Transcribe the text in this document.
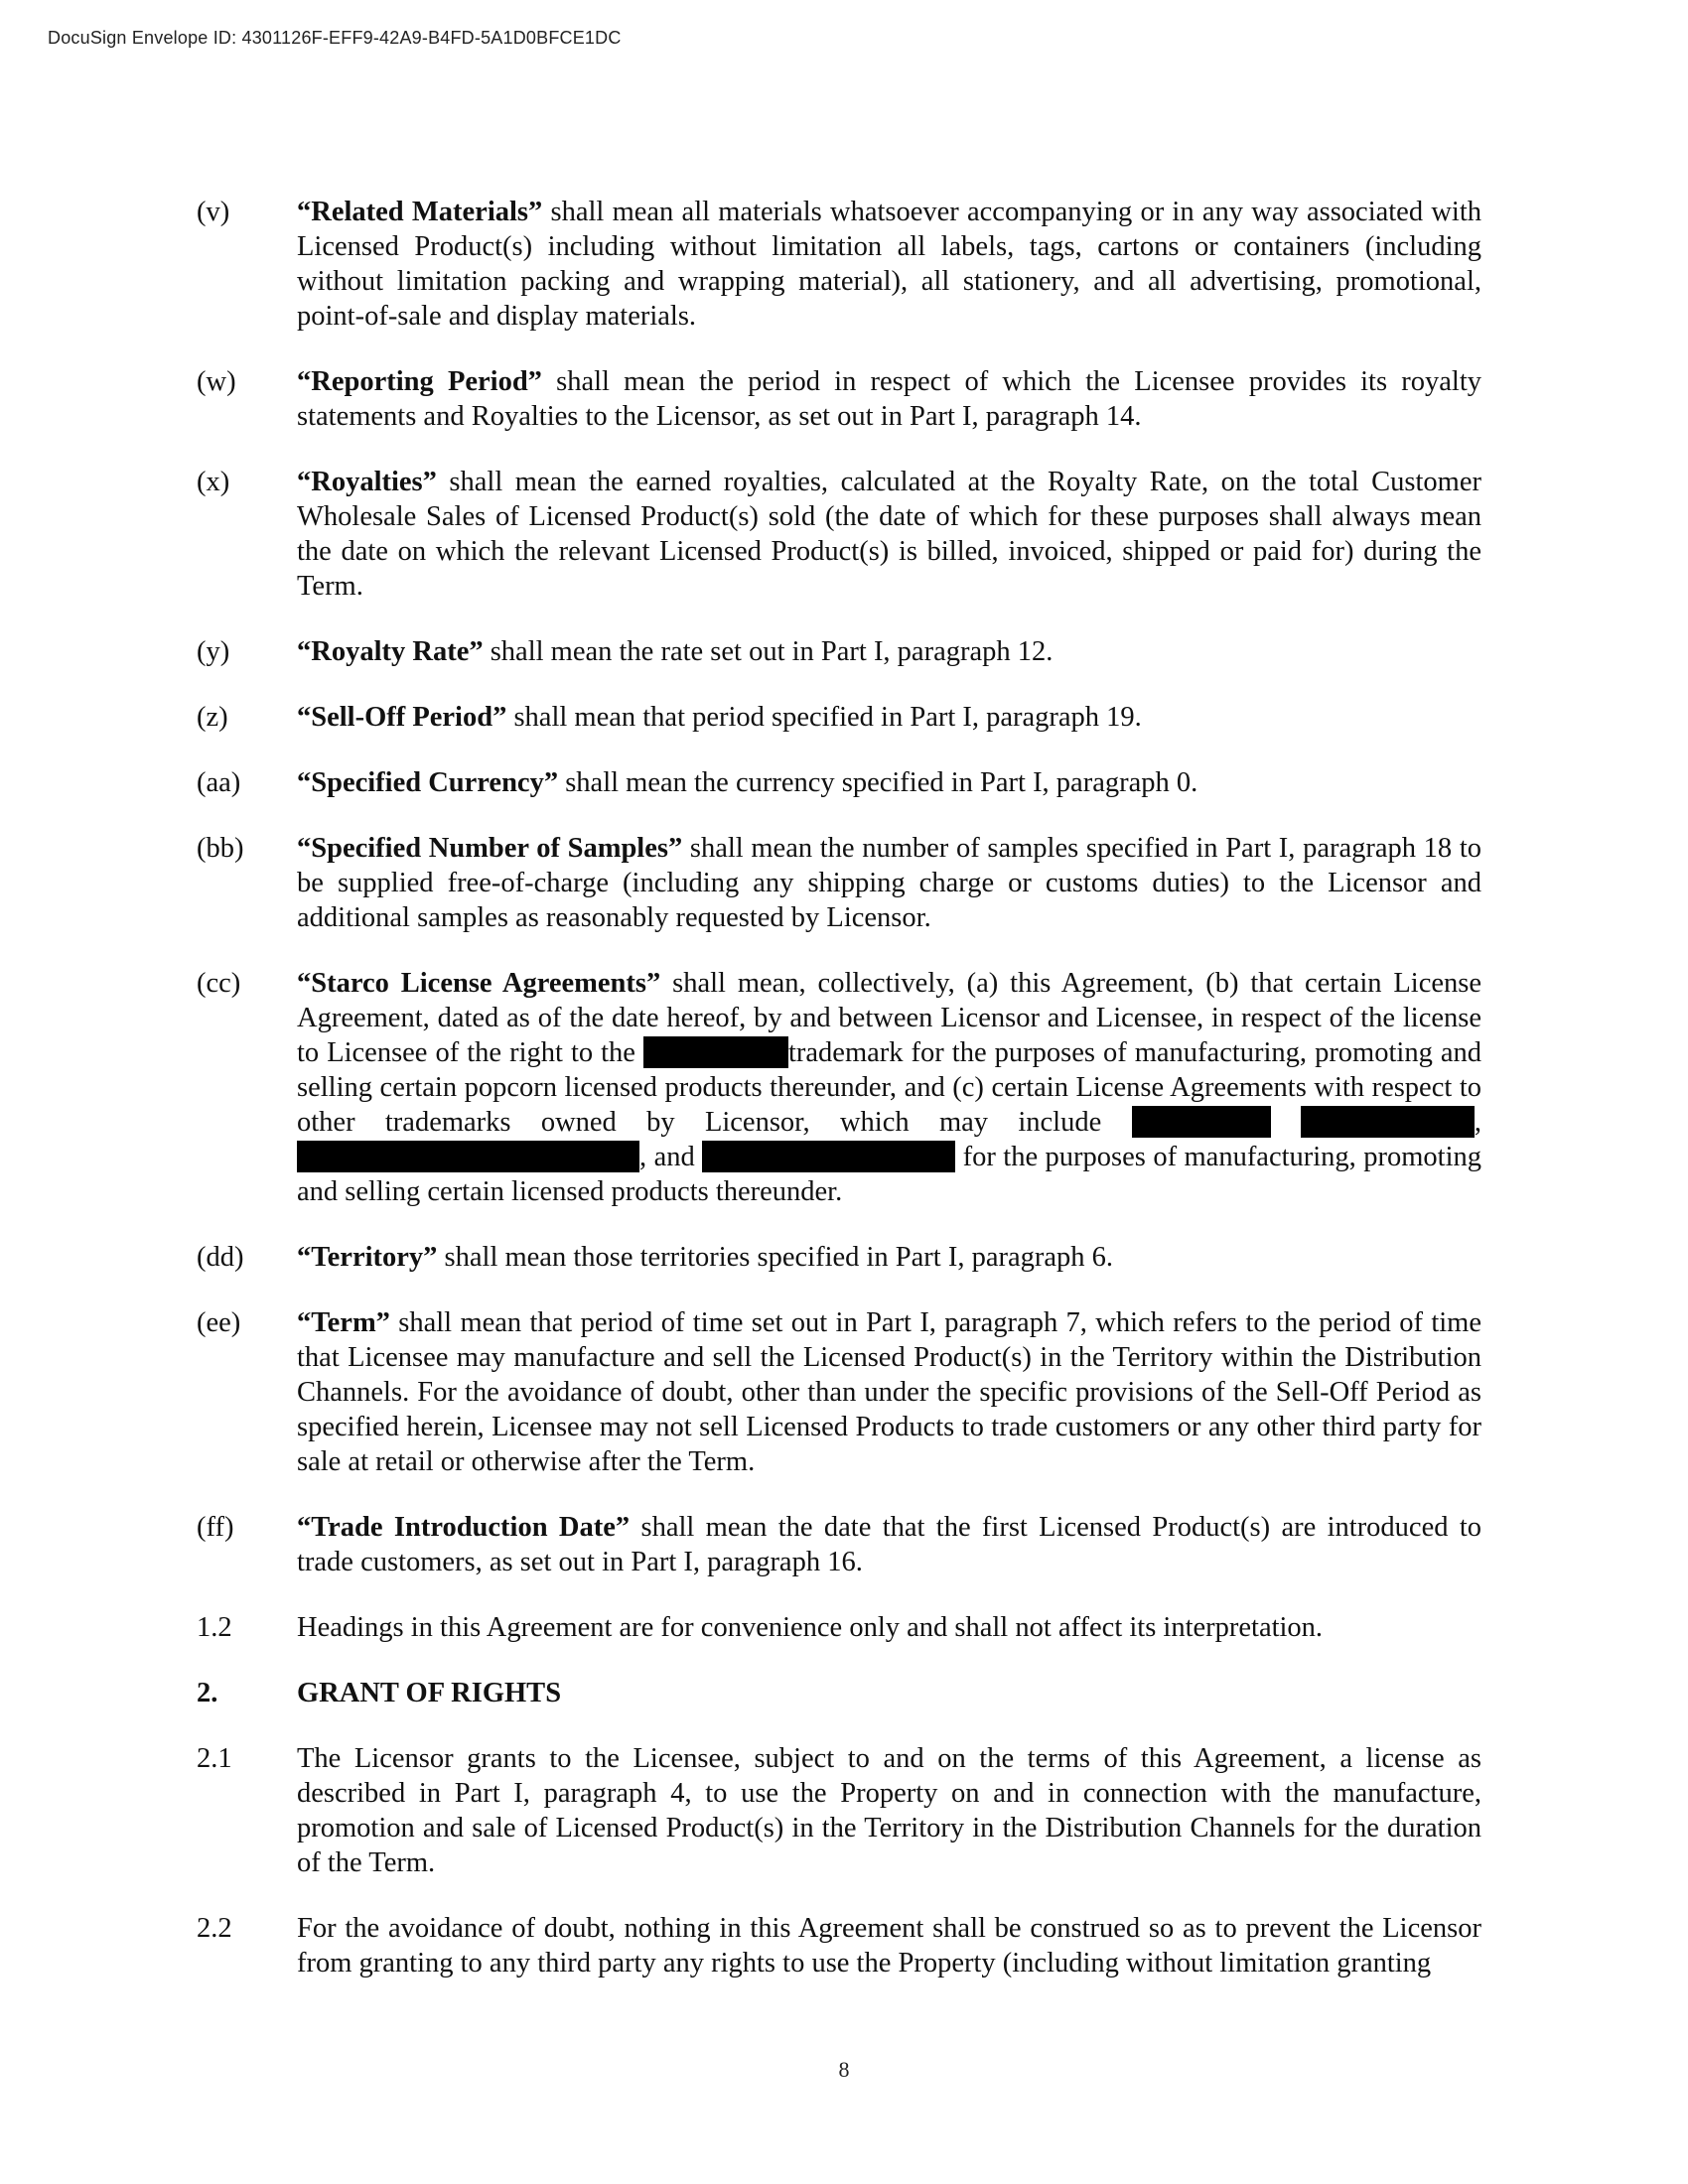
DocuSign Envelope ID: 4301126F-EFF9-42A9-B4FD-5A1D0BFCE1DC
(v)	“Related Materials” shall mean all materials whatsoever accompanying or in any way associated with Licensed Product(s) including without limitation all labels, tags, cartons or containers (including without limitation packing and wrapping material), all stationery, and all advertising, promotional, point-of-sale and display materials.
(w)	“Reporting Period” shall mean the period in respect of which the Licensee provides its royalty statements and Royalties to the Licensor, as set out in Part I, paragraph 14.
(x)	“Royalties” shall mean the earned royalties, calculated at the Royalty Rate, on the total Customer Wholesale Sales of Licensed Product(s) sold (the date of which for these purposes shall always mean the date on which the relevant Licensed Product(s) is billed, invoiced, shipped or paid for) during the Term.
(y)	“Royalty Rate” shall mean the rate set out in Part I, paragraph 12.
(z)	“Sell-Off Period” shall mean that period specified in Part I, paragraph 19.
(aa)	“Specified Currency” shall mean the currency specified in Part I, paragraph 0.
(bb)	“Specified Number of Samples” shall mean the number of samples specified in Part I, paragraph 18 to be supplied free-of-charge (including any shipping charge or customs duties) to the Licensor and additional samples as reasonably requested by Licensor.
(cc)	“Starco License Agreements” shall mean, collectively, (a) this Agreement, (b) that certain License Agreement, dated as of the date hereof, by and between Licensor and Licensee, in respect of the license to Licensee of the right to the	trademark for the purposes of manufacturing, promoting and selling certain popcorn licensed products thereunder, and (c) certain License Agreements with respect to other trademarks owned by Licensor, which may include	, , and	for the purposes of manufacturing, promoting and selling certain licensed products thereunder.
(dd)	“Territory” shall mean those territories specified in Part I, paragraph 6.
(ee)	“Term” shall mean that period of time set out in Part I, paragraph 7, which refers to the period of time that Licensee may manufacture and sell the Licensed Product(s) in the Territory within the Distribution Channels. For the avoidance of doubt, other than under the specific provisions of the Sell-Off Period as specified herein, Licensee may not sell Licensed Products to trade customers or any other third party for sale at retail or otherwise after the Term.
(ff)	“Trade Introduction Date” shall mean the date that the first Licensed Product(s) are introduced to trade customers, as set out in Part I, paragraph 16.
1.2	Headings in this Agreement are for convenience only and shall not affect its interpretation.
2.	GRANT OF RIGHTS
2.1	The Licensor grants to the Licensee, subject to and on the terms of this Agreement, a license as described in Part I, paragraph 4, to use the Property on and in connection with the manufacture, promotion and sale of Licensed Product(s) in the Territory in the Distribution Channels for the duration of the Term.
2.2	For the avoidance of doubt, nothing in this Agreement shall be construed so as to prevent the Licensor from granting to any third party any rights to use the Property (including without limitation granting
8
